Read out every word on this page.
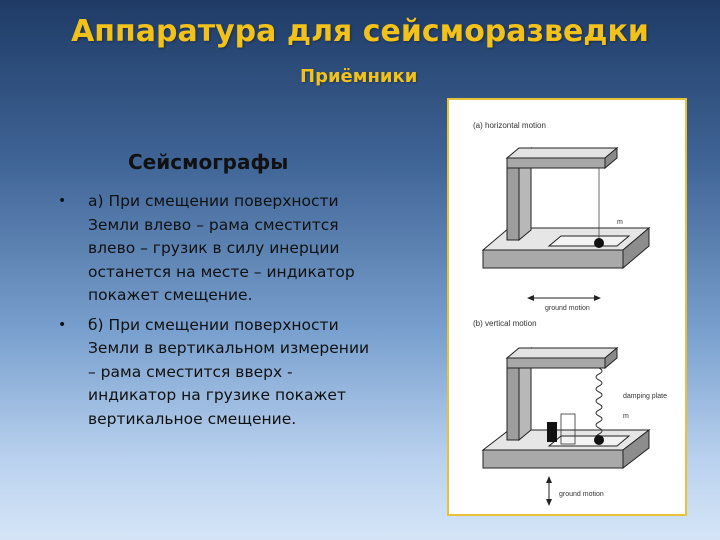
Аппаратура для сейсморазведки
Приёмники
Сейсмографы
• а) При смещении поверхности Земли влево – рама сместится влево – грузик в силу инерции останется на месте – индикатор покажет смещение.
• б) При смещении поверхности Земли в вертикальном измерении – рама сместится вверх - индикатор на грузике покажет вертикальное смещение.
(a) horizontal motion
m
ground motion
(b) vertical motion
damping plate
m
ground motion
